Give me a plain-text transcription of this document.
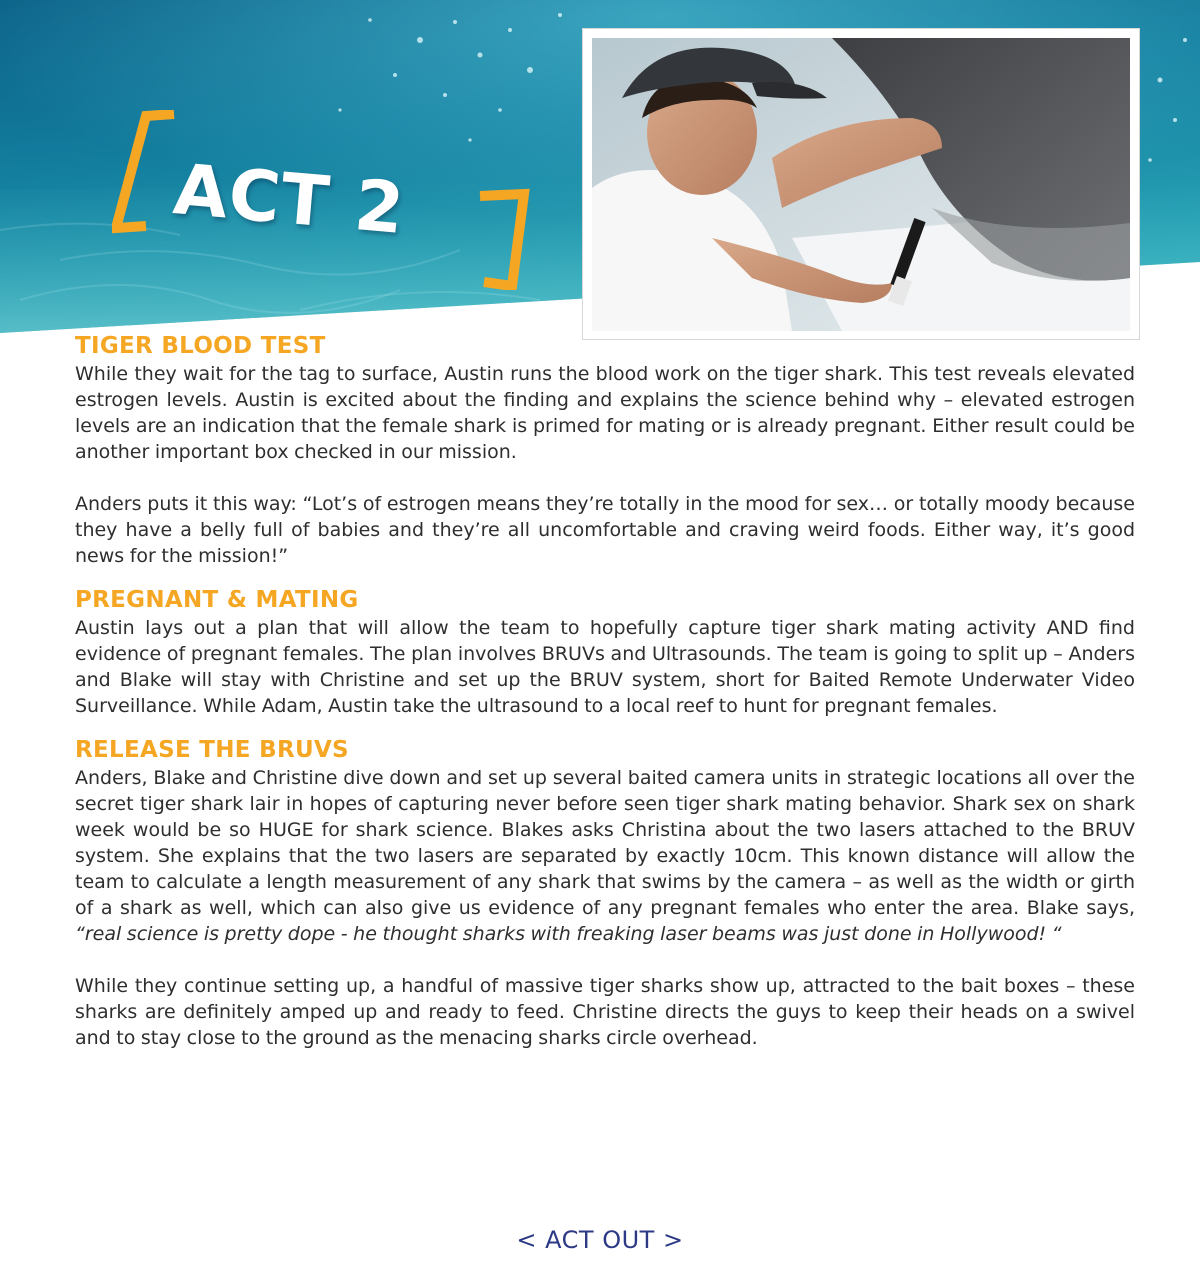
ACT 2
TIGER BLOOD TEST

While they wait for the tag to surface, Austin runs the blood work on the tiger shark. This test reveals elevated estrogen levels. Austin is excited about the finding and explains the science behind why – elevated estrogen levels are an indication that the female shark is primed for mating or is already pregnant. Either result could be another important box checked in our mission.

Anders puts it this way: “Lot’s of estrogen means they’re totally in the mood for sex… or totally moody because they have a belly full of babies and they’re all uncomfortable and craving weird foods. Either way, it’s good news for the mission!”

PREGNANT & MATING

Austin lays out a plan that will allow the team to hopefully capture tiger shark mating activity AND find evidence of pregnant females. The plan involves BRUVs and Ultrasounds. The team is going to split up – Anders and Blake will stay with Christine and set up the BRUV system, short for Baited Remote Underwater Video Surveillance. While Adam, Austin take the ultrasound to a local reef to hunt for pregnant females.

RELEASE THE BRUVS

Anders, Blake and Christine dive down and set up several baited camera units in strategic locations all over the secret tiger shark lair in hopes of capturing never before seen tiger shark mating behavior. Shark sex on shark week would be so HUGE for shark science. Blakes asks Christina about the two lasers attached to the BRUV system. She explains that the two lasers are separated by exactly 10cm. This known distance will allow the team to calculate a length measurement of any shark that swims by the camera – as well as the width or girth of a shark as well, which can also give us evidence of any pregnant females who enter the area. Blake says, “real science is pretty dope - he thought sharks with freaking laser beams was just done in Hollywood! “

While they continue setting up, a handful of massive tiger sharks show up, attracted to the bait boxes – these sharks are definitely amped up and ready to feed. Christine directs the guys to keep their heads on a swivel and to stay close to the ground as the menacing sharks circle overhead.

< ACT OUT >
